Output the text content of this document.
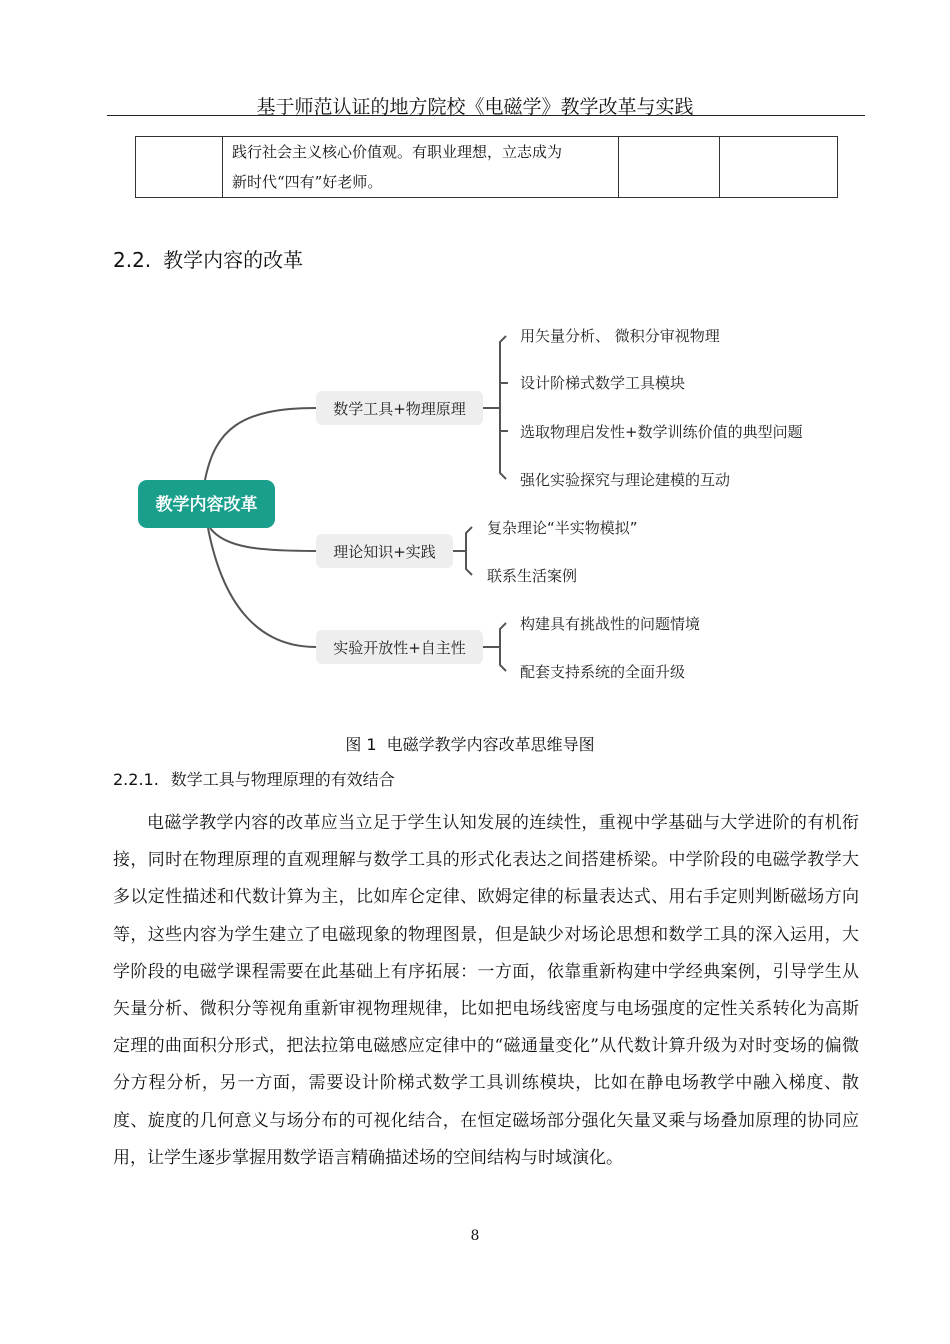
基于师范认证的地方院校《电磁学》教学改革与实践

践行社会主义核心价值观。有职业理想，立志成为
新时代“四有”好老师。

2.2. 教学内容的改革
教学内容改革
数学工具+物理原理
理论知识+实践
实验开放性+自主性
用矢量分析、 微积分审视物理
设计阶梯式数学工具模块
选取物理启发性+数学训练价值的典型问题
强化实验探究与理论建模的互动
复杂理论“半实物模拟”
联系生活案例
构建具有挑战性的问题情境
配套支持系统的全面升级
图 1 电磁学教学内容改革思维导图
2.2.1. 数学工具与物理原理的有效结合

电磁学教学内容的改革应当立足于学生认知发展的连续性，重视中学基础与大学进阶的有机衔接，同时在物理原理的直观理解与数学工具的形式化表达之间搭建桥梁。中学阶段的电磁学教学大多以定性描述和代数计算为主，比如库仑定律、欧姆定律的标量表达式、用右手定则判断磁场方向等，这些内容为学生建立了电磁现象的物理图景，但是缺少对场论思想和数学工具的深入运用，大学阶段的电磁学课程需要在此基础上有序拓展：一方面，依靠重新构建中学经典案例，引导学生从矢量分析、微积分等视角重新审视物理规律，比如把电场线密度与电场强度的定性关系转化为高斯定理的曲面积分形式，把法拉第电磁感应定律中的“磁通量变化”从代数计算升级为对时变场的偏微分方程分析，另一方面，需要设计阶梯式数学工具训练模块，比如在静电场教学中融入梯度、散度、旋度的几何意义与场分布的可视化结合，在恒定磁场部分强化矢量叉乘与场叠加原理的协同应用，让学生逐步掌握用数学语言精确描述场的空间结构与时域演化。

8
